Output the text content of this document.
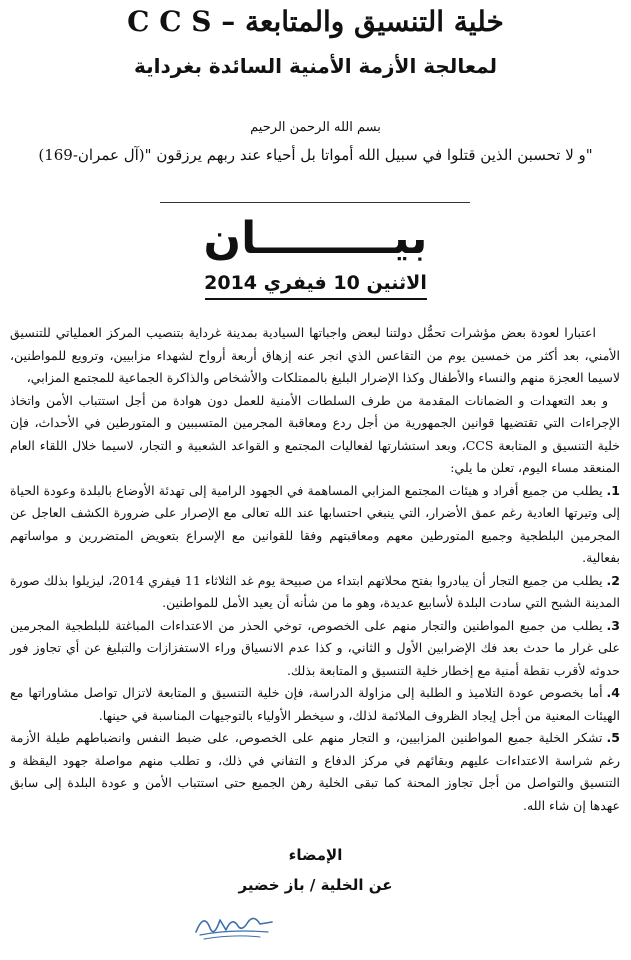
خلية التنسيق والمتابعة – C C S
لمعالجة الأزمة الأمنية السائدة بغرداية
بسم الله الرحمن الرحيم
"و لا تحسبن الذين قتلوا في سبيل الله أمواتا بل أحياء عند ربهم يرزقون "(آل عمران-169)
بيـــــــــان
الاثنين 10 فيفري 2014

اعتبارا لعودة بعض مؤشرات تحمُّل دولتنا لبعض واجباتها السيادية بمدينة غرداية بتنصيب المركز العملياتي للتنسيق الأمني، بعد أكثر من خمسين يوم من التقاعس الذي انجر عنه إزهاق أربعة أرواح لشهداء مزابيين، وترويع للمواطنين، لاسيما العجزة منهم والنساء والأطفال وكذا الإضرار البليغ بالممتلكات والأشخاص والذاكرة الجماعية للمجتمع المزابي،

و بعد التعهدات و الضمانات المقدمة من طرف السلطات الأمنية للعمل دون هوادة من أجل استتباب الأمن واتخاذ الإجراءات التي تقتضيها قوانين الجمهورية من أجل ردع ومعاقبة المجرمين المتسببين و المتورطين في الأحداث، فإن خلية التنسيق و المتابعة CCS، وبعد استشارتها لفعاليات المجتمع و القواعد الشعبية و التجار، لاسيما خلال اللقاء العام المنعقد مساء اليوم، تعلن ما يلي:

1.يطلب من جميع أفراد و هيئات المجتمع المزابي المساهمة في الجهود الرامية إلى تهدئة الأوضاع بالبلدة وعودة الحياة إلى وتيرتها العادية رغم عمق الأضرار، التي ينبغي احتسابها عند الله تعالى مع الإصرار على ضرورة الكشف العاجل عن المجرمين البلطجية وجميع المتورطين معهم ومعاقبتهم وفقا للقوانين مع الإسراع بتعويض المتضررين و مواساتهم بفعالية.

2.يطلب من جميع التجار أن يبادروا بفتح محلاتهم ابتداء من صبيحة يوم غد الثلاثاء 11 فيفري 2014، ليزيلوا بذلك صورة المدينة الشبح التي سادت البلدة لأسابيع عديدة، وهو ما من شأنه أن يعيد الأمل للمواطنين.

3.يطلب من جميع المواطنين والتجار منهم على الخصوص، توخي الحذر من الاعتداءات المباغتة للبلطجية المجرمين على غرار ما حدث بعد فك الإضرابين الأول و الثاني، و كذا عدم الانسياق وراء الاستفزازات والتبليغ عن أي تجاوز فور حدوثه لأقرب نقطة أمنية مع إخطار خلية التنسيق و المتابعة بذلك.

4.أما بخصوص عودة التلاميذ و الطلبة إلى مزاولة الدراسة، فإن خلية التنسيق و المتابعة لاتزال تواصل مشاوراتها مع الهيئات المعنية من أجل إيجاد الظروف الملائمة لذلك، و سيخطر الأولياء بالتوجيهات المناسبة في حينها.

5.تشكر الخلية جميع المواطنين المزابيين، و التجار منهم على الخصوص، على ضبط النفس وانضباطهم طيلة الأزمة رغم شراسة الاعتداءات عليهم وبقائهم في مركز الدفاع و التفاني في ذلك، و تطلب منهم مواصلة جهود اليقظة و التنسيق والتواصل من أجل تجاوز المحنة كما تبقى الخلية رهن الجميع حتى استتباب الأمن و عودة البلدة إلى سابق عهدها إن شاء الله.

الإمضاء
عن الخلية / باز خضير
